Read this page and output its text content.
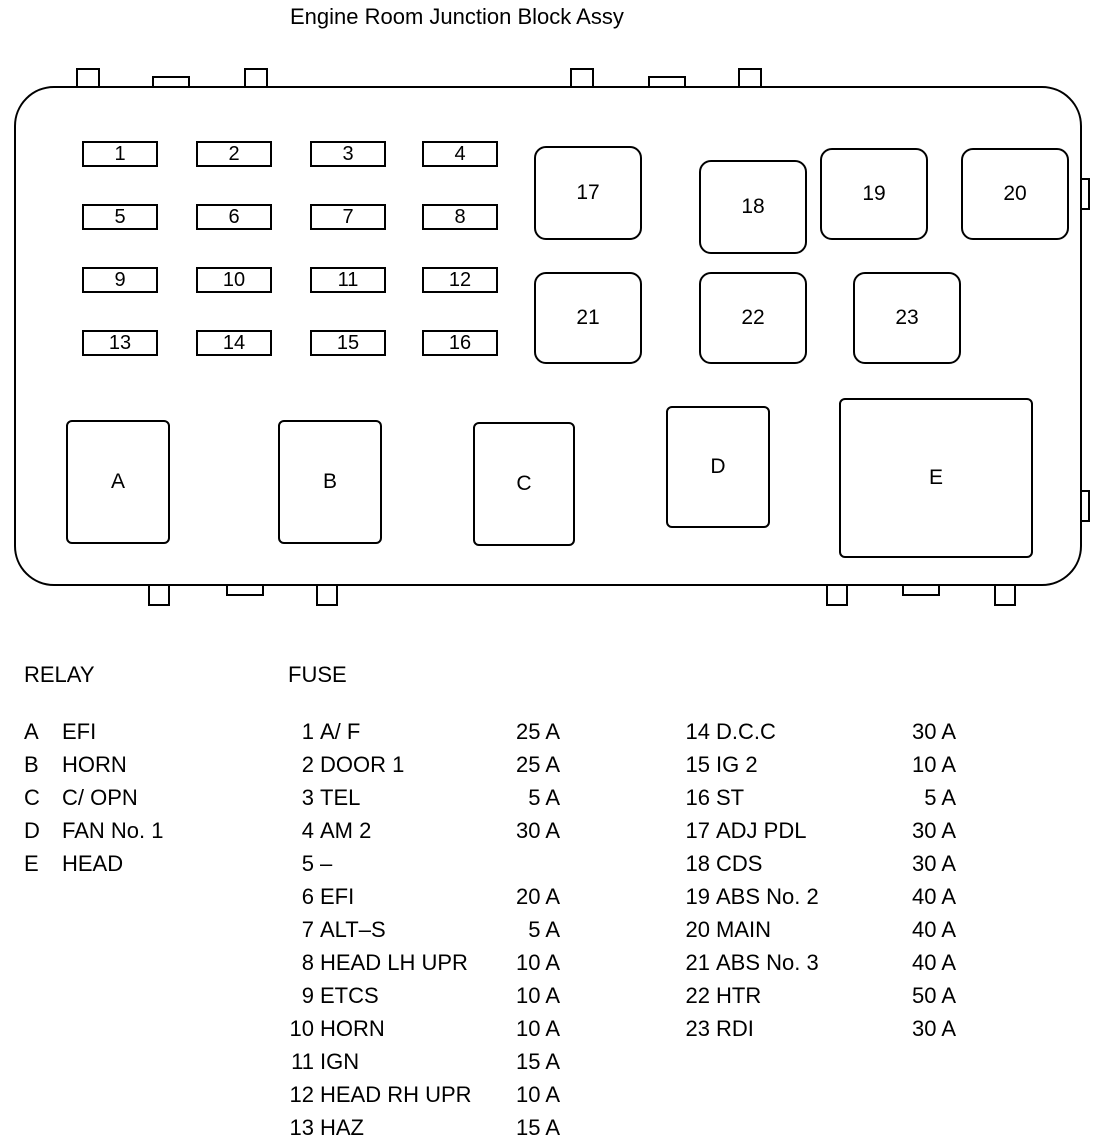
Engine Room Junction Block Assy
1	2	3	4
5	6	7	8
9	10	11	12
13	14	15	16
17
18
19	20
21	22	23
A	B	C
D	E
RELAY	FUSE
A	EFI
B	HORN
C	C/ OPN
D	FAN No. 1
E	HEAD
1 A/ F	25 A
2 DOOR 1	25 A
3 TEL	5 A
4 AM 2	30 A
5 –
6 EFI	20 A
7 ALT–S	5 A
8 HEAD LH UPR	10 A
9 ETCS	10 A
10 HORN	10 A
11 IGN	15 A
12 HEAD RH UPR	10 A
13 HAZ	15 A
14 D.C.C	30 A
15 IG 2	10 A
16 ST	5 A
17 ADJ PDL	30 A
18 CDS	30 A
19 ABS No. 2	40 A
20 MAIN	40 A
21 ABS No. 3	40 A
22 HTR	50 A
23 RDI	30 A
